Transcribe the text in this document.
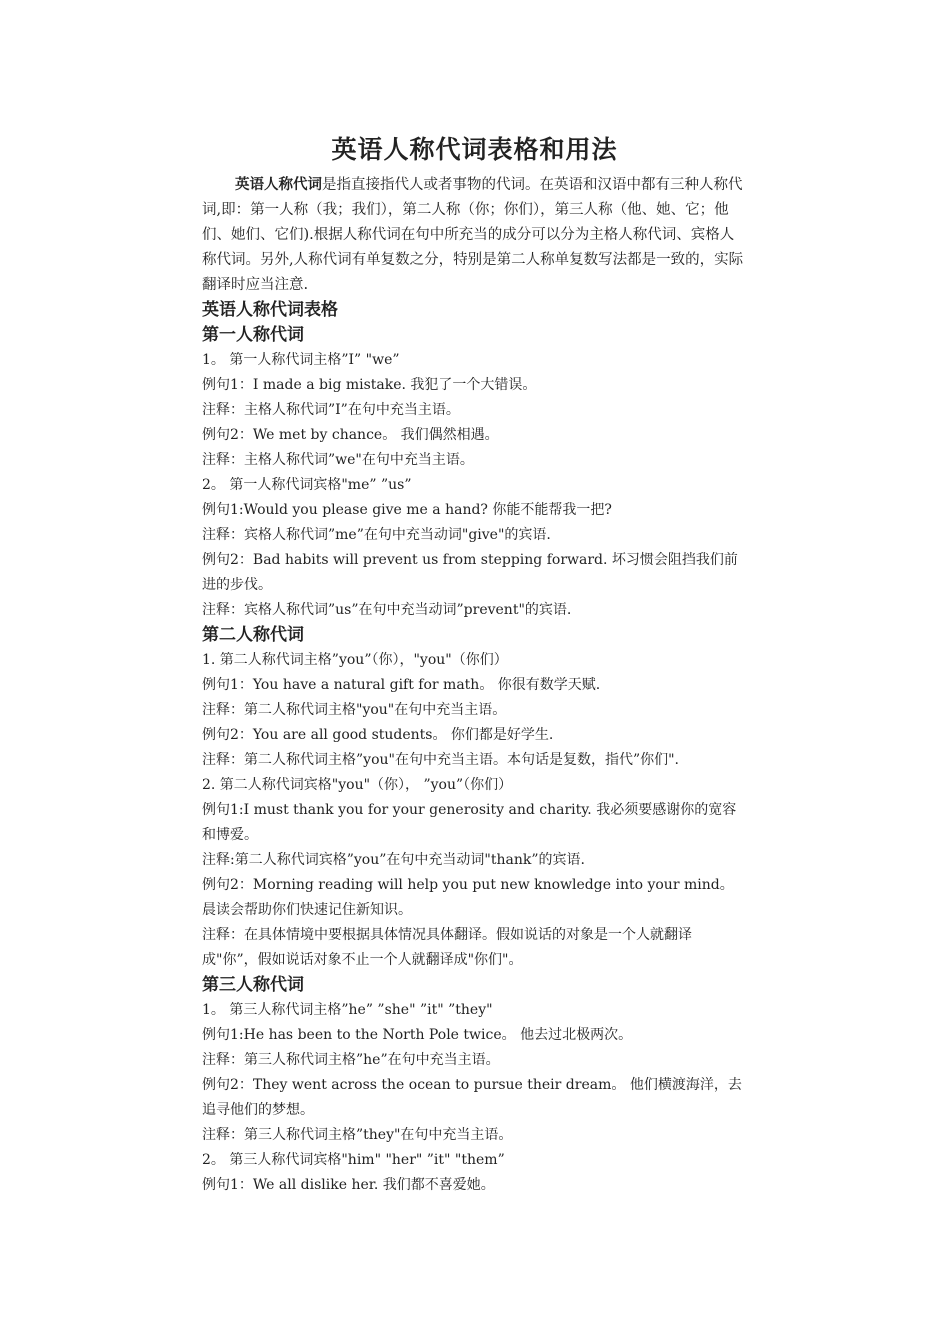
英语人称代词表格和用法

英语人称代词是指直接指代人或者事物的代词。在英语和汉语中都有三种人称代词,即：第一人称（我；我们），第二人称（你；你们），第三人称（他、她、它；他们、她们、它们).根据人称代词在句中所充当的成分可以分为主格人称代词、宾格人称代词。另外,人称代词有单复数之分，特别是第二人称单复数写法都是一致的，实际翻译时应当注意.

英语人称代词表格
第一人称代词

1。 第一人称代词主格”I” "we”

例句1：I made a big mistake. 我犯了一个大错误。

注释：主格人称代词”I”在句中充当主语。

例句2：We met by chance。 我们偶然相遇。

注释：主格人称代词”we"在句中充当主语。

2。 第一人称代词宾格"me” ”us”

例句1:Would you please give me a hand? 你能不能帮我一把?

注释：宾格人称代词”me”在句中充当动词"give"的宾语.

例句2：Bad habits will prevent us from stepping forward. 坏习惯会阻挡我们前进的步伐。

注释：宾格人称代词”us”在句中充当动词”prevent"的宾语.

第二人称代词

1. 第二人称代词主格”you”（你），"you"（你们）

例句1：You have a natural gift for math。 你很有数学天赋.

注释：第二人称代词主格"you"在句中充当主语。

例句2：You are all good students。 你们都是好学生.

注释：第二人称代词主格”you"在句中充当主语。本句话是复数，指代”你们".

2. 第二人称代词宾格"you"（你）， ”you”（你们）

例句1:I must thank you for your generosity and charity. 我必须要感谢你的宽容和博爱。

注释:第二人称代词宾格”you”在句中充当动词"thank”的宾语.

例句2：Morning reading will help you put new knowledge into your mind。 晨读会帮助你们快速记住新知识。

注释：在具体情境中要根据具体情况具体翻译。假如说话的对象是一个人就翻译成"你”，假如说话对象不止一个人就翻译成"你们"。

第三人称代词

1。 第三人称代词主格”he” ”she" ”it" ”they"

例句1:He has been to the North Pole twice。 他去过北极两次。

注释：第三人称代词主格”he”在句中充当主语。

例句2：They went across the ocean to pursue their dream。 他们横渡海洋，去追寻他们的梦想。

注释：第三人称代词主格”they"在句中充当主语。

2。 第三人称代词宾格"him" "her" ”it" "them”

例句1：We all dislike her. 我们都不喜爱她。
